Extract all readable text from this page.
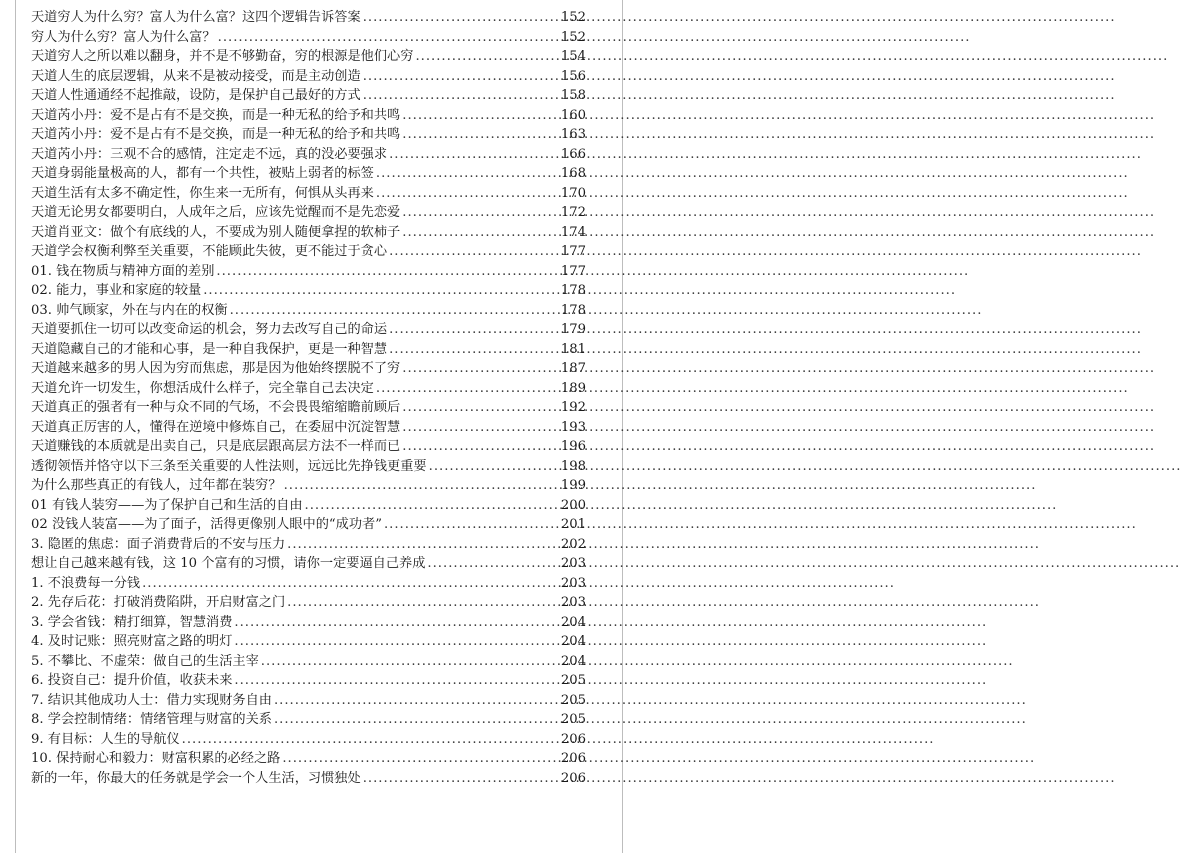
天道穷人为什么穷？富人为什么富？这四个逻辑告诉答案 .....	152
穷人为什么穷？富人为什么富？ .....	152
天道穷人之所以难以翻身，并不是不够勤奋，穷的根源是他们心穷 .....	154
天道人生的底层逻辑，从来不是被动接受，而是主动创造 .....	156
天道人性通通经不起推敲，设防，是保护自己最好的方式 .....	158
天道芮小丹：爱不是占有不是交换，而是一种无私的给予和共鸣 .....	160
天道芮小丹：爱不是占有不是交换，而是一种无私的给予和共鸣 .....	163
天道芮小丹：三观不合的感情，注定走不远，真的没必要强求 .....	166
天道身弱能量极高的人，都有一个共性，被贴上弱者的标签 .....	168
天道生活有太多不确定性，你生来一无所有，何惧从头再来 .....	170
天道无论男女都要明白，人成年之后，应该先觉醒而不是先恋爱 .....	172
天道肖亚文：做个有底线的人，不要成为别人随便拿捏的软柿子 .....	174
天道学会权衡利弊至关重要，不能顾此失彼，更不能过于贪心 .....	177
01. 钱在物质与精神方面的差别 .....	177
02. 能力，事业和家庭的较量 .....	178
03. 帅气顾家，外在与内在的权衡 .....	178
天道要抓住一切可以改变命运的机会，努力去改写自己的命运 .....	179
天道隐藏自己的才能和心事，是一种自我保护，更是一种智慧 .....	181
天道越来越多的男人因为穷而焦虑，那是因为他始终摆脱不了穷 .....	187
天道允许一切发生，你想活成什么样子，完全靠自己去决定 .....	189
天道真正的强者有一种与众不同的气场，不会畏畏缩缩瞻前顾后 .....	192
天道真正厉害的人，懂得在逆境中修炼自己，在委屈中沉淀智慧 .....	193
天道赚钱的本质就是出卖自己，只是底层跟高层方法不一样而已 .....	196
透彻领悟并恪守以下三条至关重要的人性法则，远远比先挣钱更重要 .....	198
为什么那些真正的有钱人，过年都在装穷？ .....	199
01 有钱人装穷——为了保护自己和生活的自由 .....	200
02 没钱人装富——为了面子，活得更像别人眼中的“成功者” .....	201
3. 隐匿的焦虑：面子消费背后的不安与压力 .....	202
想让自己越来越有钱，这 10 个富有的习惯，请你一定要逼自己养成 .....	203
1. 不浪费每一分钱 .....	203
2. 先存后花：打破消费陷阱，开启财富之门 .....	203
3. 学会省钱：精打细算，智慧消费 .....	204
4. 及时记账：照亮财富之路的明灯 .....	204
5. 不攀比、不虚荣：做自己的生活主宰 .....	204
6. 投资自己：提升价值，收获未来 .....	205
7. 结识其他成功人士：借力实现财务自由 .....	205
8. 学会控制情绪：情绪管理与财富的关系 .....	205
9. 有目标：人生的导航仪 .....	206
10. 保持耐心和毅力：财富积累的必经之路 .....	206
新的一年，你最大的任务就是学会一个人生活，习惯独处 .....	206
